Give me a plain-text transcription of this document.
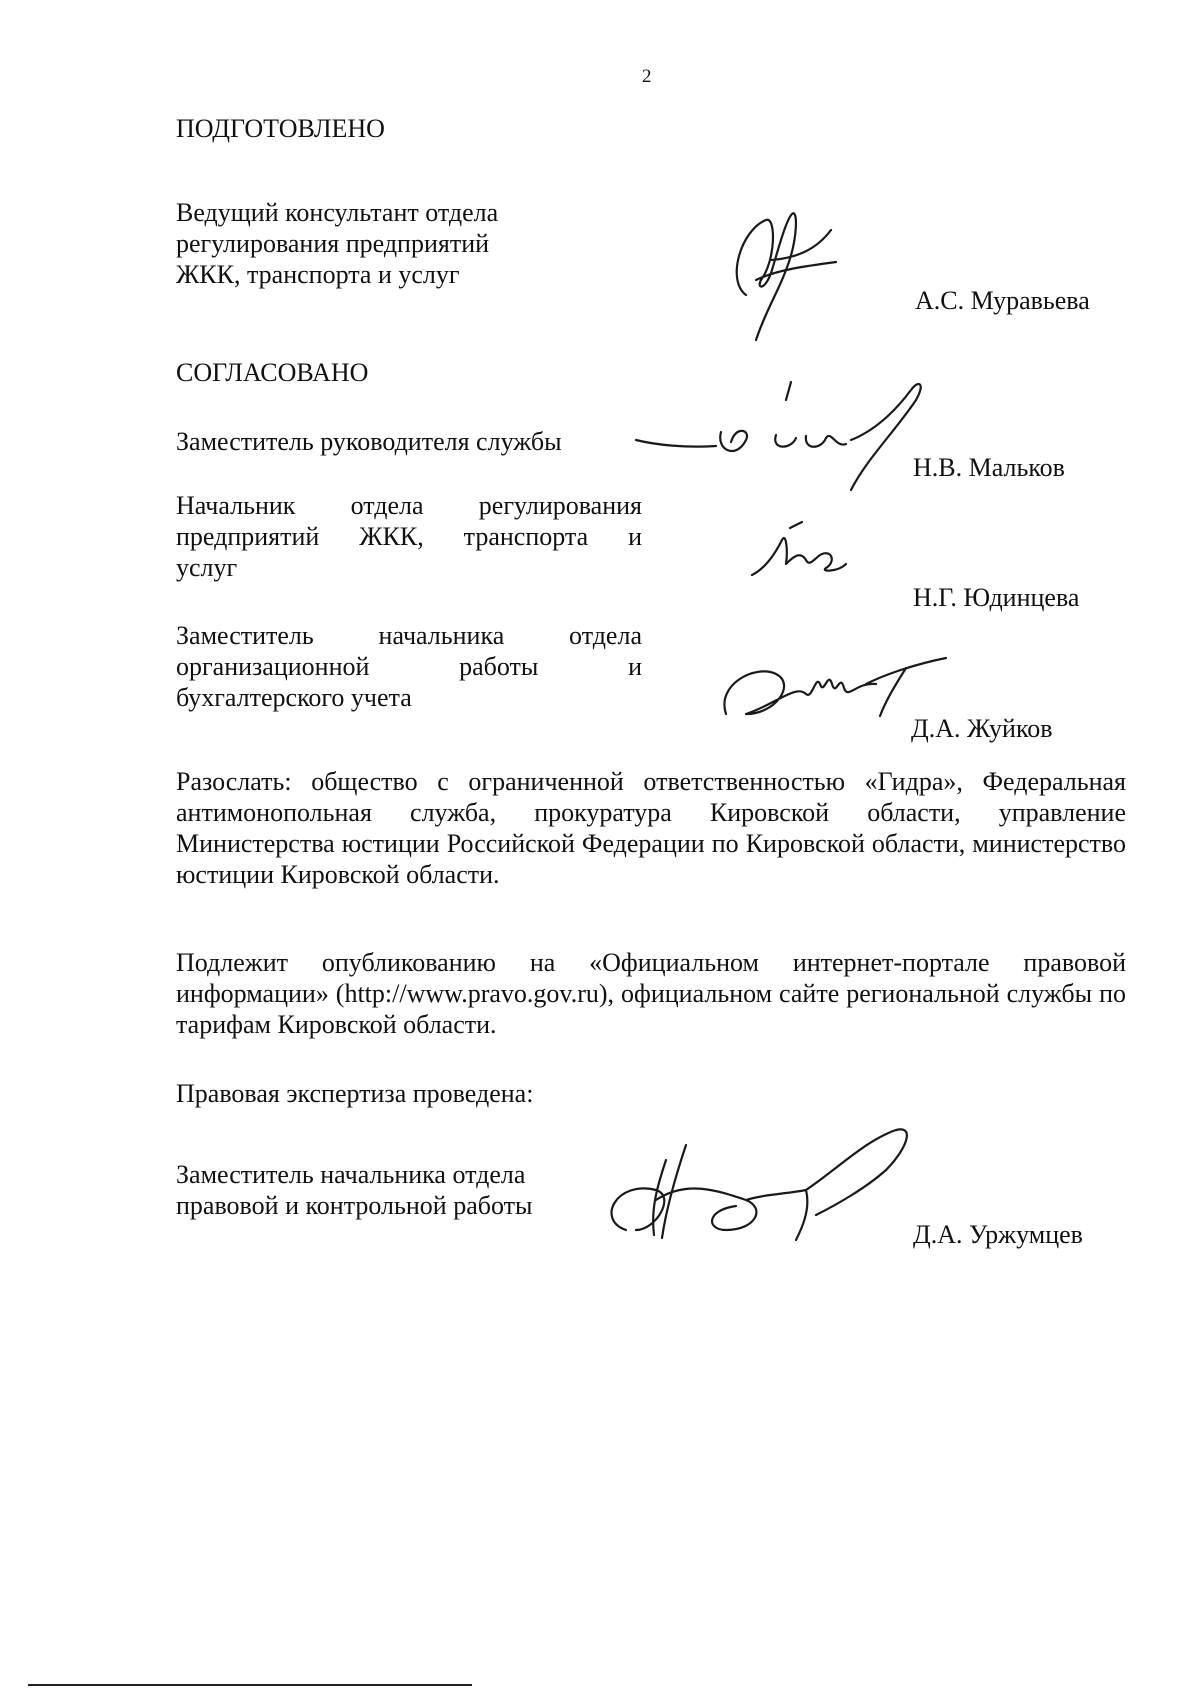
2

ПОДГОТОВЛЕНО

Ведущий консультант отдела
регулирования предприятий
ЖКК, транспорта и услуг

А.С. Муравьева

СОГЛАСОВАНО

Заместитель руководителя службы

Н.В. Мальков

Начальник отдела регулирования
предприятий ЖКК, транспорта и
услуг

Н.Г. Юдинцева

Заместитель начальника отдела
организационной работы и
бухгалтерского учета

Д.А. Жуйков

Разослать: общество с ограниченной ответственностью «Гидра», Федеральная антимонопольная служба, прокуратура Кировской области, управление Министерства юстиции Российской Федерации по Кировской области, министерство юстиции Кировской области.

Подлежит опубликованию на «Официальном интернет-портале правовой информации» (http://www.pravo.gov.ru), официальном сайте региональной службы по тарифам Кировской области.

Правовая экспертиза проведена:

Заместитель начальника отдела
правовой и контрольной работы

Д.А. Уржумцев
